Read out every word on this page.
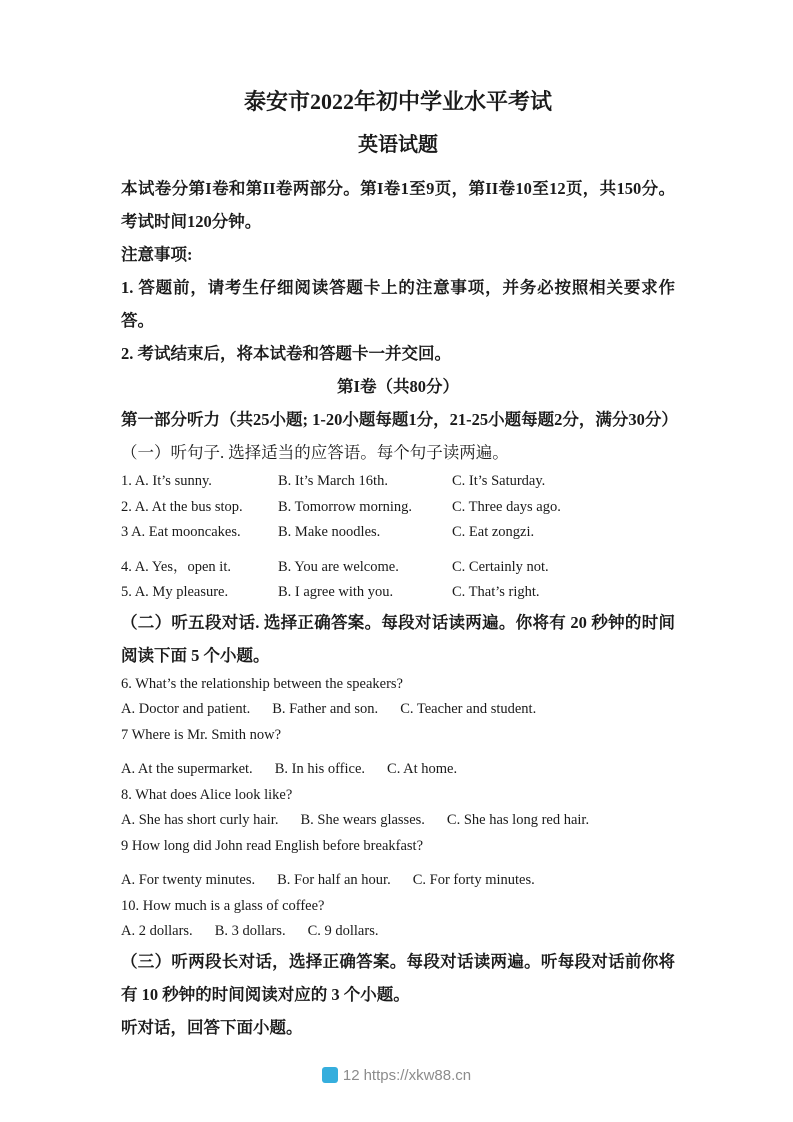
泰安市2022年初中学业水平考试
英语试题

本试卷分第I卷和第II卷两部分。第I卷1至9页，第II卷10至12页，共150分。考试时间120分钟。

注意事项:

1. 答题前，请考生仔细阅读答题卡上的注意事项，并务必按照相关要求作答。

2. 考试结束后，将本试卷和答题卡一并交回。

第I卷（共80分）

第一部分听力（共25小题; 1-20小题每题1分，21-25小题每题2分，满分30分）

（一）听句子. 选择适当的应答语。每个句子读两遍。

1. A. It’s sunny.	B. It’s March 16th.	C. It’s Saturday.
2. A. At the bus stop.	B. Tomorrow morning.	C. Three days ago.
3 A. Eat mooncakes.	B. Make noodles.	C. Eat zongzi.
4. A. Yes，open it.	B. You are welcome.	C. Certainly not.
5. A. My pleasure.	B. I agree with you.	C. That’s right.

（二）听五段对话. 选择正确答案。每段对话读两遍。你将有 20 秒钟的时间阅读下面 5 个小题。

6. What’s the relationship between the speakers?

A. Doctor and patient. B. Father and son. C. Teacher and student.

7 Where is Mr. Smith now?

A. At the supermarket. B. In his office. C. At home.

8. What does Alice look like?

A. She has short curly hair. B. She wears glasses. C. She has long red hair.

9 How long did John read English before breakfast?

A. For twenty minutes. B. For half an hour. C. For forty minutes.

10. How much is a glass of coffee?

A. 2 dollars. B. 3 dollars. C. 9 dollars.

（三）听两段长对话，选择正确答案。每段对话读两遍。听每段对话前你将有 10 秒钟的时间阅读对应的 3 个小题。

听对话，回答下面小题。

12 https://xkw88.cn
